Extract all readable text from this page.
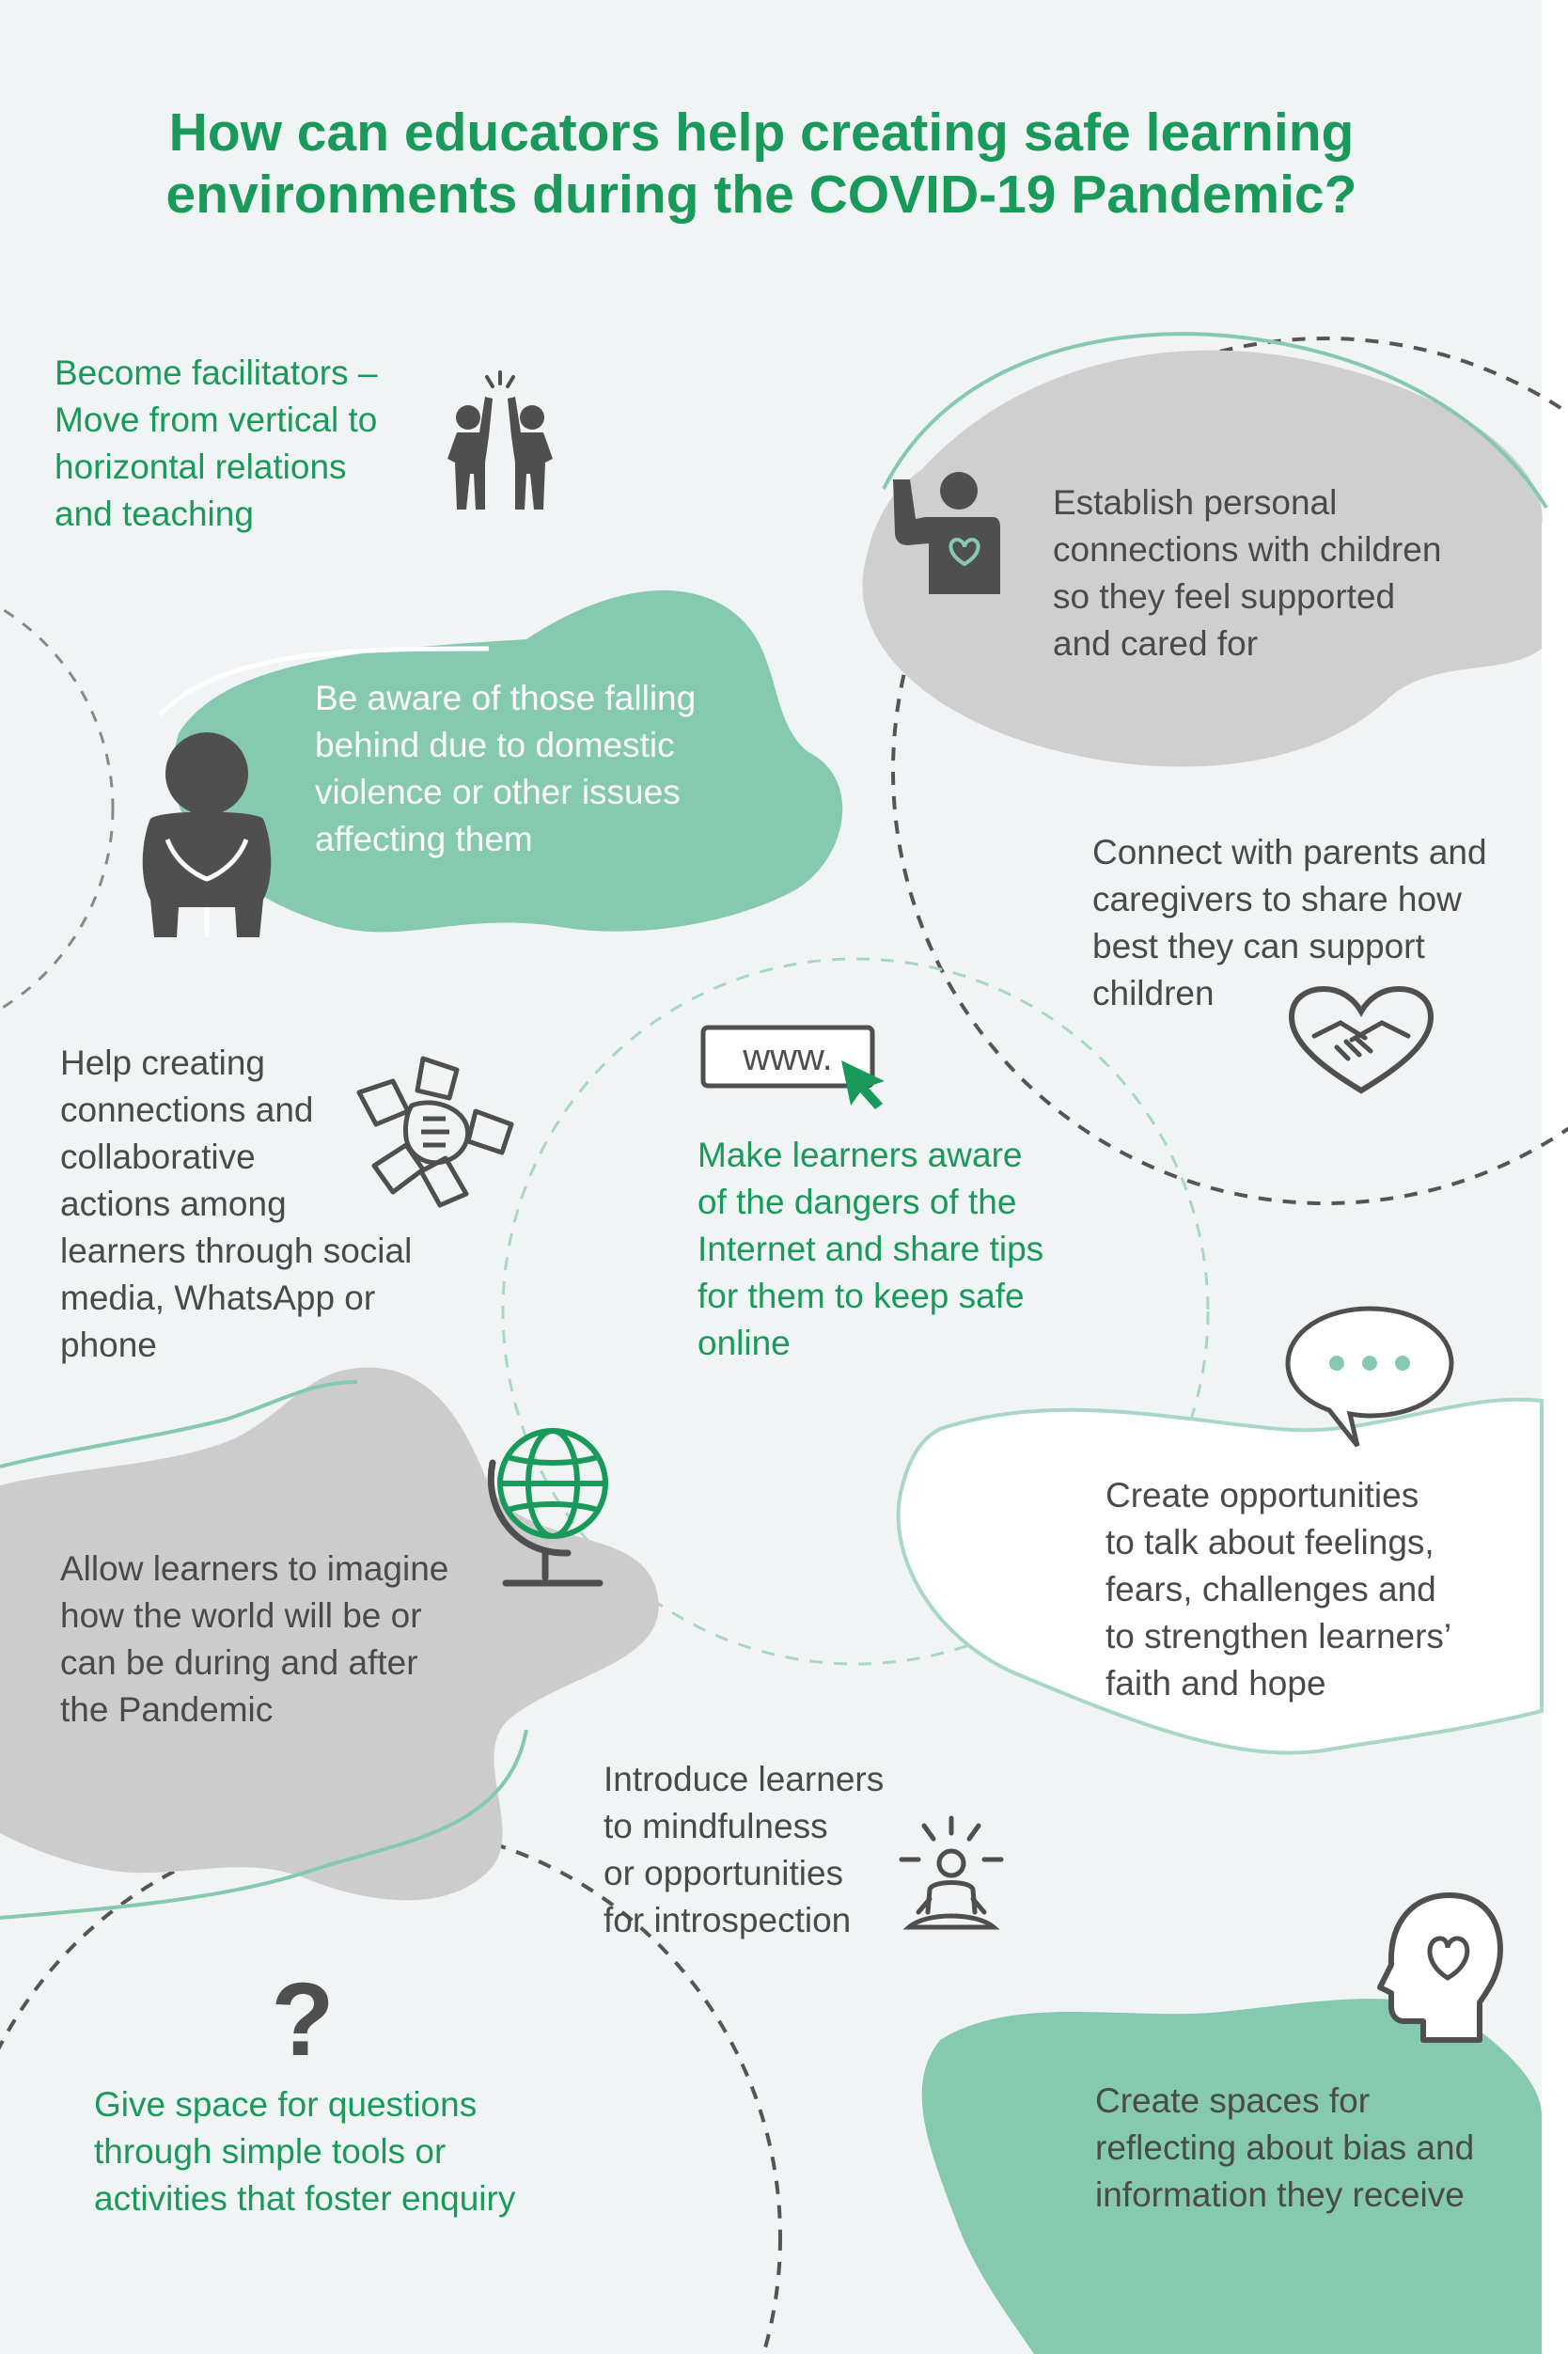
How can educators help creating safe learning
environments during the COVID-19 Pandemic?

Become facilitators –
Move from vertical to
horizontal relations
and teaching	Establish personal
connections with children
so they feel supported
and cared for

Be aware of those falling
behind due to domestic
violence or other issues
affecting them	Connect with parents and
caregivers to share how
best they can support
children

Help creating
connections and
collaborative
actions among
learners through social
media, WhatsApp or
phone

www.

Make learners aware
of the dangers of the
Internet and share tips
for them to keep safe
online

Create opportunities
to talk about feelings,
fears, challenges and
to strengthen learners’
faith and hope

Allow learners to imagine
how the world will be or
can be during and after
the Pandemic

Introduce learners
to mindfulness
or opportunities
for introspection

?

Give space for questions
through simple tools or
activities that foster enquiry

Create spaces for
reflecting about bias and
information they receive
